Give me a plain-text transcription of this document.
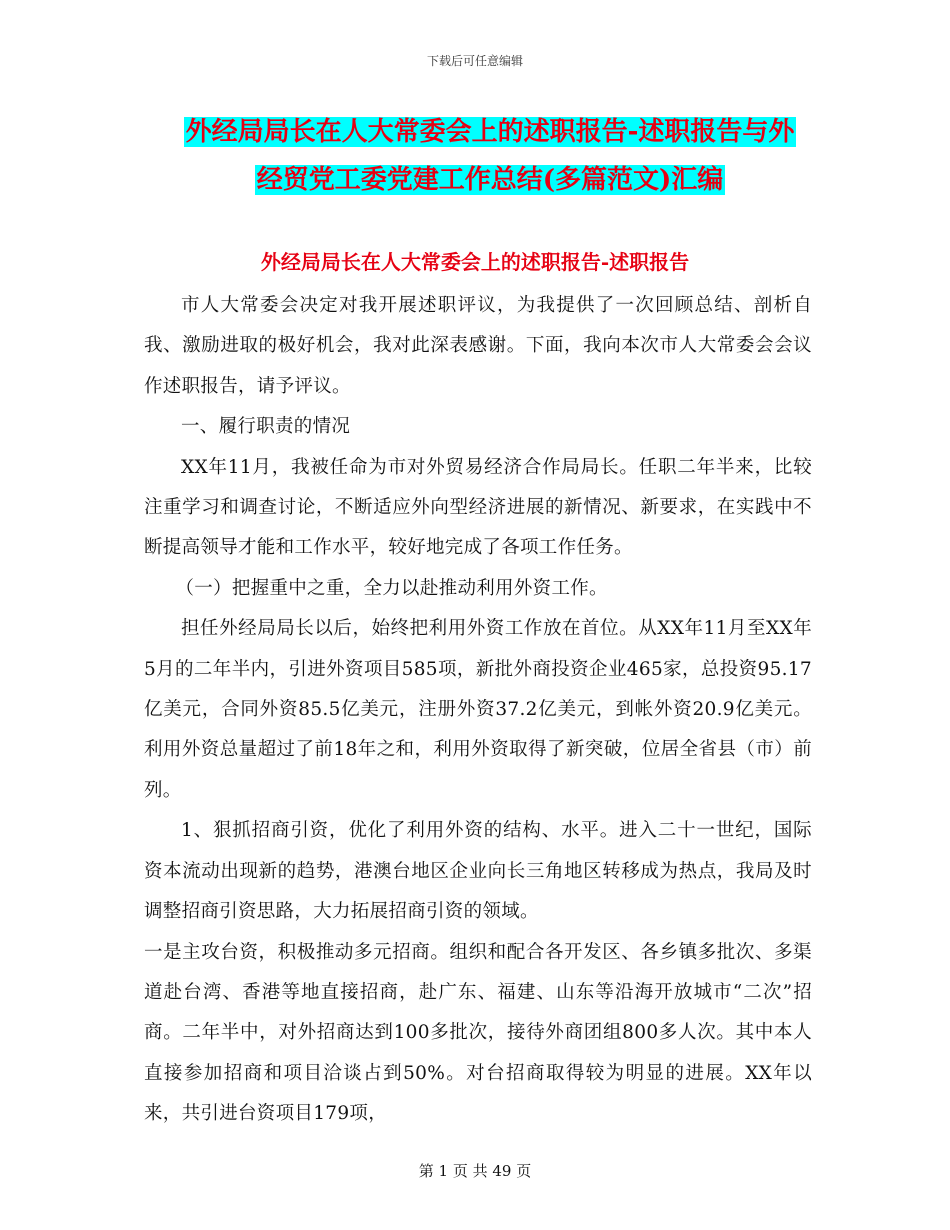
下载后可任意编辑
外经局局长在人大常委会上的述职报告-述职报告与外
经贸党工委党建工作总结(多篇范文)汇编
外经局局长在人大常委会上的述职报告-述职报告

市人大常委会决定对我开展述职评议，为我提供了一次回顾总结、剖析自我、激励进取的极好机会，我对此深表感谢。下面，我向本次市人大常委会会议作述职报告，请予评议。

一、履行职责的情况

XX年11月，我被任命为市对外贸易经济合作局局长。任职二年半来，比较注重学习和调查讨论，不断适应外向型经济进展的新情况、新要求，在实践中不断提高领导才能和工作水平，较好地完成了各项工作任务。

（一）把握重中之重，全力以赴推动利用外资工作。

担任外经局局长以后，始终把利用外资工作放在首位。从XX年11月至XX年5月的二年半内，引进外资项目585项，新批外商投资企业465家，总投资95.17亿美元，合同外资85.5亿美元，注册外资37.2亿美元，到帐外资20.9亿美元。利用外资总量超过了前18年之和，利用外资取得了新突破，位居全省县（市）前列。

1、狠抓招商引资，优化了利用外资的结构、水平。进入二十一世纪，国际资本流动出现新的趋势，港澳台地区企业向长三角地区转移成为热点，我局及时调整招商引资思路，大力拓展招商引资的领域。

一是主攻台资，积极推动多元招商。组织和配合各开发区、各乡镇多批次、多渠道赴台湾、香港等地直接招商，赴广东、福建、山东等沿海开放城市“二次”招商。二年半中，对外招商达到100多批次，接待外商团组800多人次。其中本人直接参加招商和项目洽谈占到50%。对台招商取得较为明显的进展。XX年以来，共引进台资项目179项，

第 1 页 共 49 页
